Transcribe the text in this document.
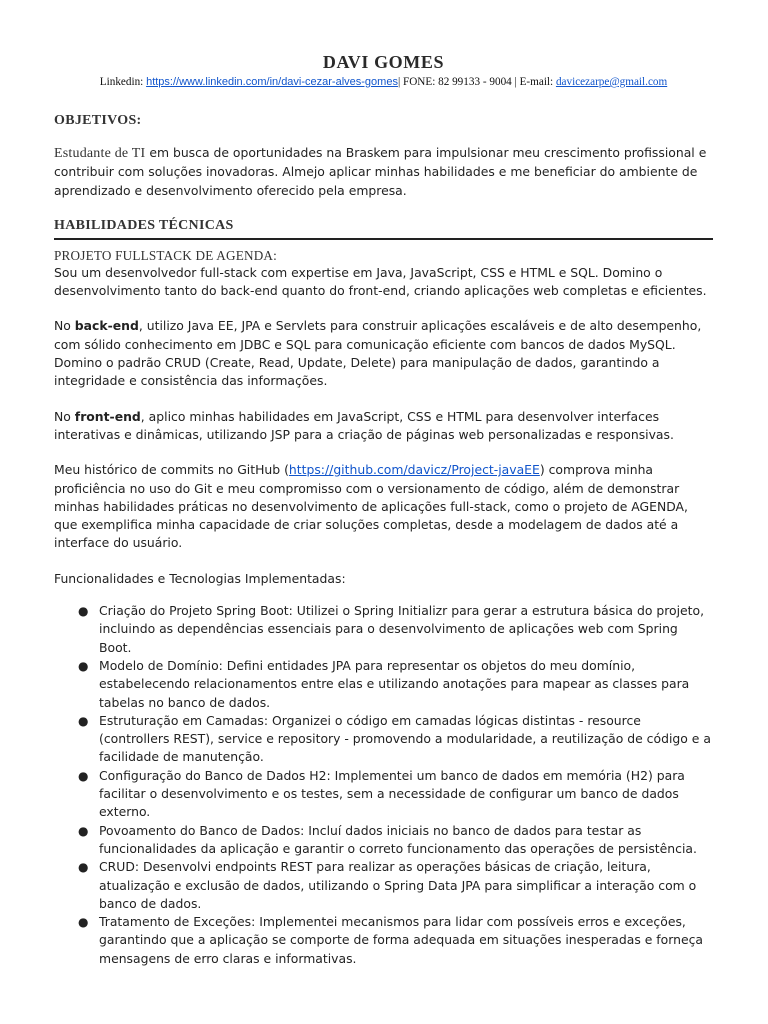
DAVI GOMES
Linkedin: https://www.linkedin.com/in/davi-cezar-alves-gomes| FONE: 82 99133 - 9004 | E-mail: davicezarpe@gmail.com
OBJETIVOS:

Estudante de TI em busca de oportunidades na Braskem para impulsionar meu crescimento profissional e contribuir com soluções inovadoras. Almejo aplicar minhas habilidades e me beneficiar do ambiente de aprendizado e desenvolvimento oferecido pela empresa.

HABILIDADES TÉCNICAS
PROJETO FULLSTACK DE AGENDA:

Sou um desenvolvedor full-stack com expertise em Java, JavaScript, CSS e HTML e SQL. Domino o desenvolvimento tanto do back-end quanto do front-end, criando aplicações web completas e eficientes.

No back-end, utilizo Java EE, JPA e Servlets para construir aplicações escaláveis e de alto desempenho, com sólido conhecimento em JDBC e SQL para comunicação eficiente com bancos de dados MySQL. Domino o padrão CRUD (Create, Read, Update, Delete) para manipulação de dados, garantindo a integridade e consistência das informações.

No front-end, aplico minhas habilidades em JavaScript, CSS e HTML para desenvolver interfaces interativas e dinâmicas, utilizando JSP para a criação de páginas web personalizadas e responsivas.

Meu histórico de commits no GitHub (https://github.com/davicz/Project-javaEE) comprova minha proficiência no uso do Git e meu compromisso com o versionamento de código, além de demonstrar minhas habilidades práticas no desenvolvimento de aplicações full-stack, como o projeto de AGENDA, que exemplifica minha capacidade de criar soluções completas, desde a modelagem de dados até a interface do usuário.

Funcionalidades e Tecnologias Implementadas:

● Criação do Projeto Spring Boot: Utilizei o Spring Initializr para gerar a estrutura básica do projeto, incluindo as dependências essenciais para o desenvolvimento de aplicações web com Spring Boot.
● Modelo de Domínio: Defini entidades JPA para representar os objetos do meu domínio, estabelecendo relacionamentos entre elas e utilizando anotações para mapear as classes para tabelas no banco de dados.
● Estruturação em Camadas: Organizei o código em camadas lógicas distintas - resource (controllers REST), service e repository - promovendo a modularidade, a reutilização de código e a facilidade de manutenção.
● Configuração do Banco de Dados H2: Implementei um banco de dados em memória (H2) para facilitar o desenvolvimento e os testes, sem a necessidade de configurar um banco de dados externo.
● Povoamento do Banco de Dados: Incluí dados iniciais no banco de dados para testar as funcionalidades da aplicação e garantir o correto funcionamento das operações de persistência.
● CRUD: Desenvolvi endpoints REST para realizar as operações básicas de criação, leitura, atualização e exclusão de dados, utilizando o Spring Data JPA para simplificar a interação com o banco de dados.
● Tratamento de Exceções: Implementei mecanismos para lidar com possíveis erros e exceções, garantindo que a aplicação se comporte de forma adequada em situações inesperadas e forneça mensagens de erro claras e informativas.
